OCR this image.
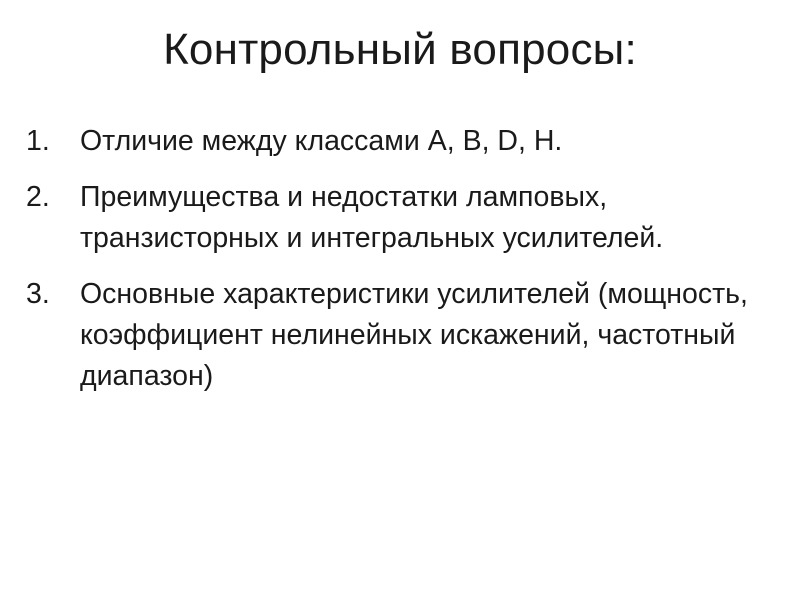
Контрольный вопросы:
1.	Отличие между классами A, B, D, H.
2.	Преимущества и недостатки ламповых, транзисторных и интегральных усилителей.
3.	Основные характеристики усилителей (мощность, коэффициент нелинейных искажений, частотный диапазон)
